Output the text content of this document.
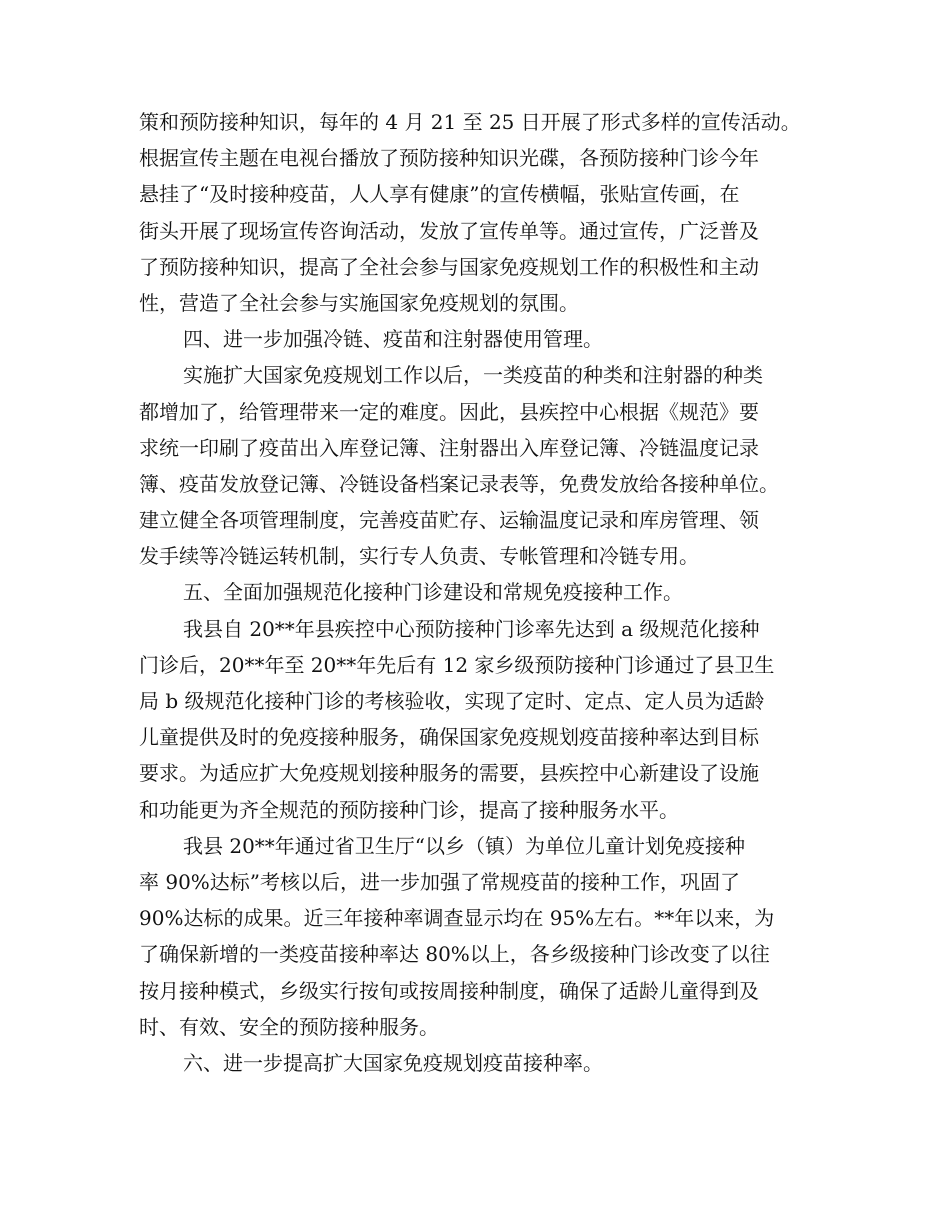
策和预防接种知识，每年的 4 月 21 至 25 日开展了形式多样的宣传活动。
根据宣传主题在电视台播放了预防接种知识光碟，各预防接种门诊今年
悬挂了“及时接种疫苗，人人享有健康”的宣传横幅，张贴宣传画，在
街头开展了现场宣传咨询活动，发放了宣传单等。通过宣传，广泛普及
了预防接种知识，提高了全社会参与国家免疫规划工作的积极性和主动
性，营造了全社会参与实施国家免疫规划的氛围。
四、进一步加强冷链、疫苗和注射器使用管理。
实施扩大国家免疫规划工作以后，一类疫苗的种类和注射器的种类
都增加了，给管理带来一定的难度。因此，县疾控中心根据《规范》要
求统一印刷了疫苗出入库登记簿、注射器出入库登记簿、冷链温度记录
簿、疫苗发放登记簿、冷链设备档案记录表等，免费发放给各接种单位。
建立健全各项管理制度，完善疫苗贮存、运输温度记录和库房管理、领
发手续等冷链运转机制，实行专人负责、专帐管理和冷链专用。
五、全面加强规范化接种门诊建设和常规免疫接种工作。
我县自 20**年县疾控中心预防接种门诊率先达到 a 级规范化接种
门诊后，20**年至 20**年先后有 12 家乡级预防接种门诊通过了县卫生
局 b 级规范化接种门诊的考核验收，实现了定时、定点、定人员为适龄
儿童提供及时的免疫接种服务，确保国家免疫规划疫苗接种率达到目标
要求。为适应扩大免疫规划接种服务的需要，县疾控中心新建设了设施
和功能更为齐全规范的预防接种门诊，提高了接种服务水平。
我县 20**年通过省卫生厅“以乡（镇）为单位儿童计划免疫接种
率 90%达标”考核以后，进一步加强了常规疫苗的接种工作，巩固了
90%达标的成果。近三年接种率调查显示均在 95%左右。**年以来，为
了确保新增的一类疫苗接种率达 80%以上，各乡级接种门诊改变了以往
按月接种模式，乡级实行按旬或按周接种制度，确保了适龄儿童得到及
时、有效、安全的预防接种服务。
六、进一步提高扩大国家免疫规划疫苗接种率。
